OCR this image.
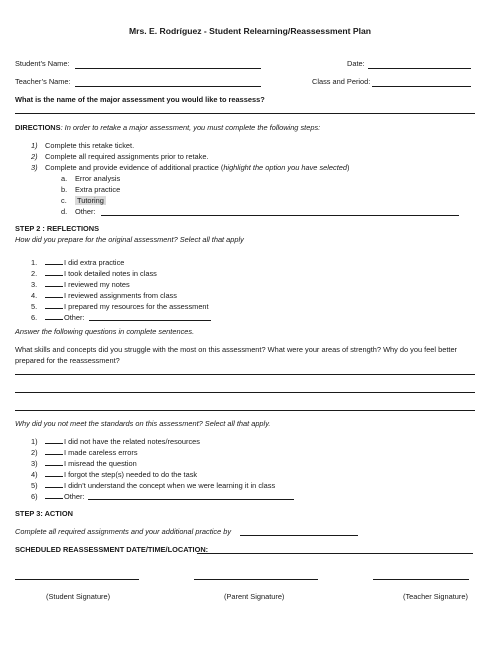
Mrs. E. Rodríguez - Student Relearning/Reassessment Plan
Student’s Name:	Date:
Teacher’s Name:	Class and Period:
What is the name of the major assessment you would like to reassess?
DIRECTIONS: In order to retake a major assessment, you must complete the following steps:
1) Complete this retake ticket.
2) Complete all required assignments prior to retake.
3) Complete and provide evidence of additional practice (highlight the option you have selected)
a. Error analysis
b. Extra practice
c. Tutoring
d. Other:
STEP 2 : REFLECTIONS
How did you prepare for the original assessment? Select all that apply
1.	I did extra practice
2.	I took detailed notes in class
3.	I reviewed my notes
4.	I reviewed assignments from class
5.	I prepared my resources for the assessment
6.	Other:
Answer the following questions in complete sentences.
What skills and concepts did you struggle with the most on this assessment? What were your areas of strength? Why do you feel better
prepared for the reassessment?
Why did you not meet the standards on this assessment? Select all that apply.
1)	I did not have the related notes/resources
2)	I made careless errors
3)	I misread the question
4)	I forgot the step(s) needed to do the task
5)	I didn’t understand the concept when we were learning it in class
6)	Other:
STEP 3: ACTION
Complete all required assignments and your additional practice by
SCHEDULED REASSESSMENT DATE/TIME/LOCATION:
(Student Signature)	(Parent Signature)	(Teacher Signature)
